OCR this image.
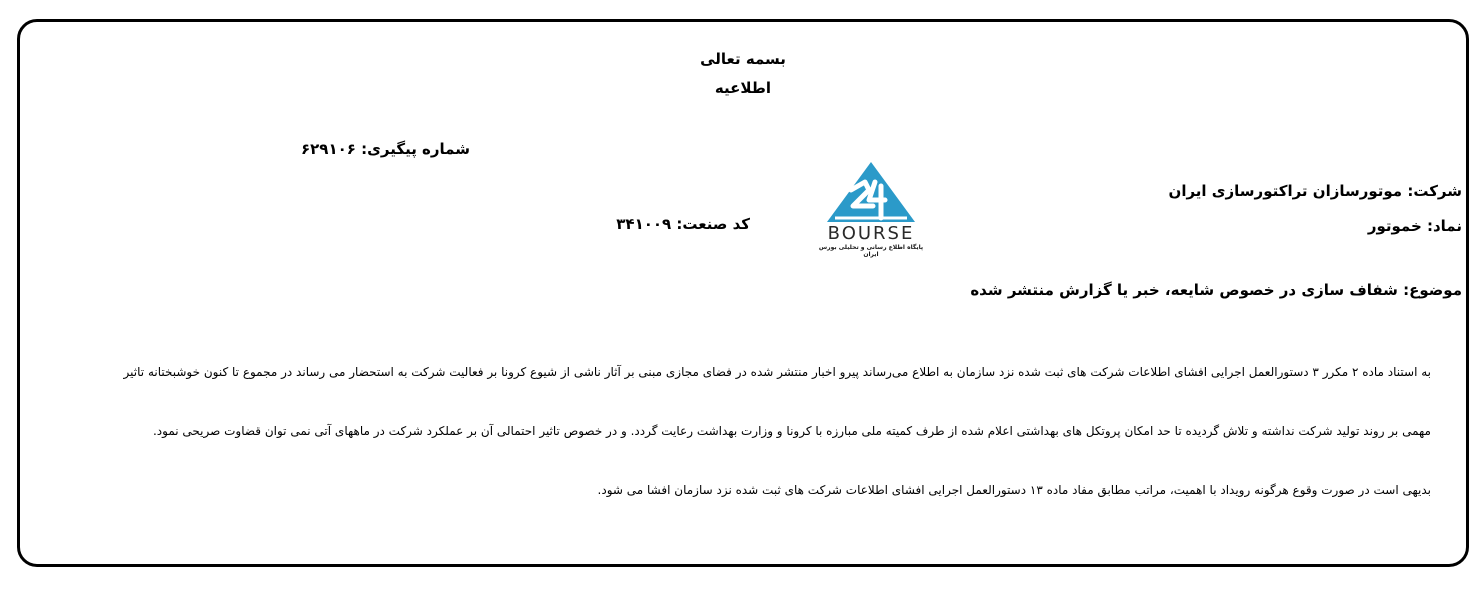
بسمه تعالی
اطلاعیه
شماره پیگیری: ۶۲۹۱۰۶
شرکت: موتورسازان تراکتورسازی ایران
نماد: خموتور
کد صنعت: ۳۴۱۰۰۹	BOURSE
پایگاه اطلاع رسانی و تحلیلی بورس ایران
موضوع: شفاف سازی در خصوص شایعه، خبر یا گزارش منتشر شده
به استناد ماده ۲ مکرر ۳ دستورالعمل اجرایی افشای اطلاعات شرکت های ثبت شده نزد سازمان به اطلاع می‌رساند پیرو اخبار منتشر شده در فضای مجازی مبنی بر آثار ناشی از شیوع کرونا بر فعالیت شرکت به استحضار می رساند در مجموع تا کنون خوشبختانه تاثیر
مهمی بر روند تولید شرکت نداشته و تلاش گردیده تا حد امکان پروتکل های بهداشتی اعلام شده از طرف کمیته ملی مبارزه با کرونا و وزارت بهداشت رعایت گردد. و در خصوص تاثیر احتمالی آن بر عملکرد شرکت در ماههای آتی نمی توان قضاوت صریحی نمود.
بدیهی است در صورت وقوع هرگونه رویداد با اهمیت، مراتب مطابق مفاد ماده ۱۳ دستورالعمل اجرایی افشای اطلاعات شرکت های ثبت شده نزد سازمان افشا می شود.
